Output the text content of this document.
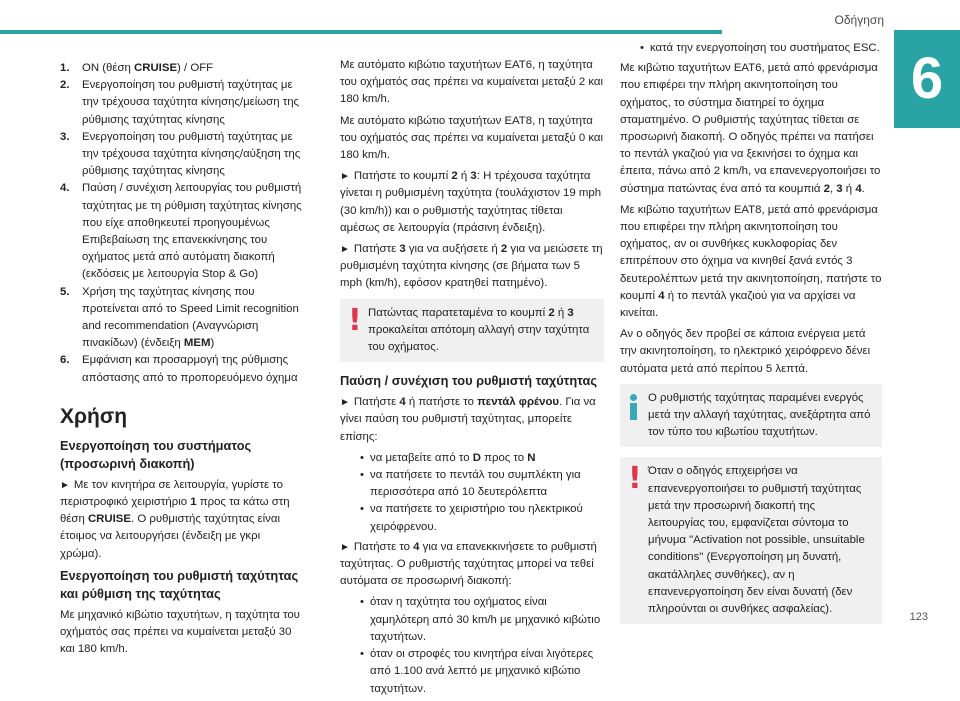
Οδήγηση
6
1.	ON (θέση CRUISE) / OFF
2.	Ενεργοποίηση του ρυθμιστή ταχύτητας με την τρέχουσα ταχύτητα κίνησης/μείωση της ρύθμισης ταχύτητας κίνησης
3.	Ενεργοποίηση του ρυθμιστή ταχύτητας με την τρέχουσα ταχύτητα κίνησης/αύξηση της ρύθμισης ταχύτητας κίνησης
4.	Παύση / συνέχιση λειτουργίας του ρυθμιστή ταχύτητας με τη ρύθμιση ταχύτητας κίνησης που είχε αποθηκευτεί προηγουμένως Επιβεβαίωση της επανεκκίνησης του οχήματος μετά από αυτόματη διακοπή (εκδόσεις με λειτουργία Stop & Go)
5.	Χρήση της ταχύτητας κίνησης που προτείνεται από το Speed Limit recognition and recommendation (Αναγνώριση πινακίδων) (ένδειξη MEM)
6.	Εμφάνιση και προσαρμογή της ρύθμισης απόστασης από το προπορευόμενο όχημα
Χρήση
Ενεργοποίηση του συστήματος (προσωρινή διακοπή)

► Με τον κινητήρα σε λειτουργία, γυρίστε το περιστροφικό χειριστήριο 1 προς τα κάτω στη θέση CRUISE. Ο ρυθμιστής ταχύτητας είναι έτοιμος να λειτουργήσει (ένδειξη με γκρι χρώμα).

Ενεργοποίηση του ρυθμιστή ταχύτητας και ρύθμιση της ταχύτητας

Με μηχανικό κιβώτιο ταχυτήτων, η ταχύτητα του οχήματός σας πρέπει να κυμαίνεται μεταξύ 30 και 180 km/h.

Με αυτόματο κιβώτιο ταχυτήτων EAT6, η ταχύτητα του οχήματός σας πρέπει να κυμαίνεται μεταξύ 2 και 180 km/h.

Με αυτόματο κιβώτιο ταχυτήτων EAT8, η ταχύτητα του οχήματός σας πρέπει να κυμαίνεται μεταξύ 0 και 180 km/h.

► Πατήστε το κουμπί 2 ή 3: Η τρέχουσα ταχύτητα γίνεται η ρυθμισμένη ταχύτητα (τουλάχιστον 19 mph (30 km/h)) και ο ρυθμιστής ταχύτητας τίθεται αμέσως σε λειτουργία (πράσινη ένδειξη).

► Πατήστε 3 για να αυξήσετε ή 2 για να μειώσετε τη ρυθμισμένη ταχύτητα κίνησης (σε βήματα των 5 mph (km/h), εφόσον κρατηθεί πατημένο).

! Πατώντας παρατεταμένα το κουμπί 2 ή 3 προκαλείται απότομη αλλαγή στην ταχύτητα του οχήματος.
Παύση / συνέχιση του ρυθμιστή ταχύτητας

► Πατήστε 4 ή πατήστε το πεντάλ φρένου. Για να γίνει παύση του ρυθμιστή ταχύτητας, μπορείτε επίσης:

• να μεταβείτε από το D προς το N
• να πατήσετε το πεντάλ του συμπλέκτη για περισσότερα από 10 δευτερόλεπτα
• να πατήσετε το χειριστήριο του ηλεκτρικού χειρόφρενου.

► Πατήστε το 4 για να επανεκκινήσετε το ρυθμιστή ταχύτητας. Ο ρυθμιστής ταχύτητας μπορεί να τεθεί αυτόματα σε προσωρινή διακοπή:

• όταν η ταχύτητα του οχήματος είναι χαμηλότερη από 30 km/h με μηχανικό κιβώτιο ταχυτήτων.
• όταν οι στροφές του κινητήρα είναι λιγότερες από 1.100 ανά λεπτό με μηχανικό κιβώτιο ταχυτήτων.
• κατά την ενεργοποίηση του συστήματος ESC.

Με κιβώτιο ταχυτήτων EAT6, μετά από φρενάρισμα που επιφέρει την πλήρη ακινητοποίηση του οχήματος, το σύστημα διατηρεί το όχημα σταματημένο. Ο ρυθμιστής ταχύτητας τίθεται σε προσωρινή διακοπή. Ο οδηγός πρέπει να πατήσει το πεντάλ γκαζιού για να ξεκινήσει το όχημα και έπειτα, πάνω από 2 km/h, να επανενεργοποιήσει το σύστημα πατώντας ένα από τα κουμπιά 2, 3 ή 4.

Με κιβώτιο ταχυτήτων EAT8, μετά από φρενάρισμα που επιφέρει την πλήρη ακινητοποίηση του οχήματος, αν οι συνθήκες κυκλοφορίας δεν επιτρέπουν στο όχημα να κινηθεί ξανά εντός 3 δευτερολέπτων μετά την ακινητοποίηση, πατήστε το κουμπί 4 ή το πεντάλ γκαζιού για να αρχίσει να κινείται.

Αν ο οδηγός δεν προβεί σε κάποια ενέργεια μετά την ακινητοποίηση, το ηλεκτρικό χειρόφρενο δένει αυτόματα μετά από περίπου 5 λεπτά.

Ο ρυθμιστής ταχύτητας παραμένει ενεργός μετά την αλλαγή ταχύτητας, ανεξάρτητα από τον τύπο του κιβωτίου ταχυτήτων.
! Όταν ο οδηγός επιχειρήσει να επανενεργοποιήσει το ρυθμιστή ταχύτητας μετά την προσωρινή διακοπή της λειτουργίας του, εμφανίζεται σύντομα το μήνυμα "Activation not possible, unsuitable conditions" (Ενεργοποίηση μη δυνατή, ακατάλληλες συνθήκες), αν η επανενεργοποίηση δεν είναι δυνατή (δεν πληρούνται οι συνθήκες ασφαλείας).
123
